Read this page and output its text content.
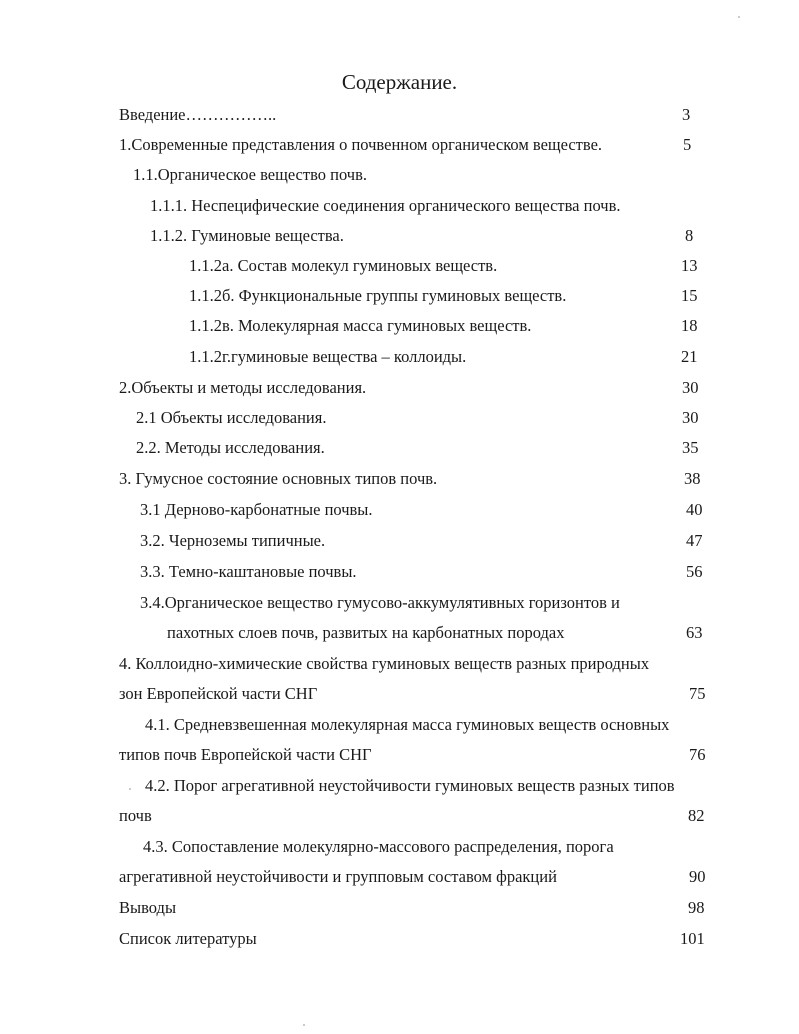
Содержание.
Введение……………..	3
1.Современные представления о почвенном органическом веществе.	5
1.1.Органическое вещество почв.
1.1.1. Неспецифические соединения органического вещества почв.
1.1.2. Гуминовые вещества.	8
1.1.2а. Состав молекул гуминовых веществ.	13
1.1.2б. Функциональные группы гуминовых веществ.	15
1.1.2в. Молекулярная масса гуминовых веществ.	18
1.1.2г.гуминовые вещества – коллоиды.	21
2.Объекты и методы исследования.	30
2.1 Объекты исследования.	30
2.2. Методы исследования.	35
3. Гумусное состояние основных типов почв.	38
3.1 Дерново-карбонатные почвы.	40
3.2. Черноземы типичные.	47
3.3. Темно-каштановые почвы.	56
3.4.Органическое вещество гумусово-аккумулятивных горизонтов и
пахотных слоев почв, развитых на карбонатных породах	63
4. Коллоидно-химические свойства гуминовых веществ разных природных
зон Европейской части СНГ	75
4.1. Средневзвешенная молекулярная масса гуминовых веществ основных
типов почв Европейской части СНГ	76
4.2. Порог агрегативной неустойчивости гуминовых веществ разных типов
почв	82
4.3. Сопоставление молекулярно-массового распределения, порога
агрегативной неустойчивости и групповым составом фракций	90
Выводы	98
Список литературы	101
